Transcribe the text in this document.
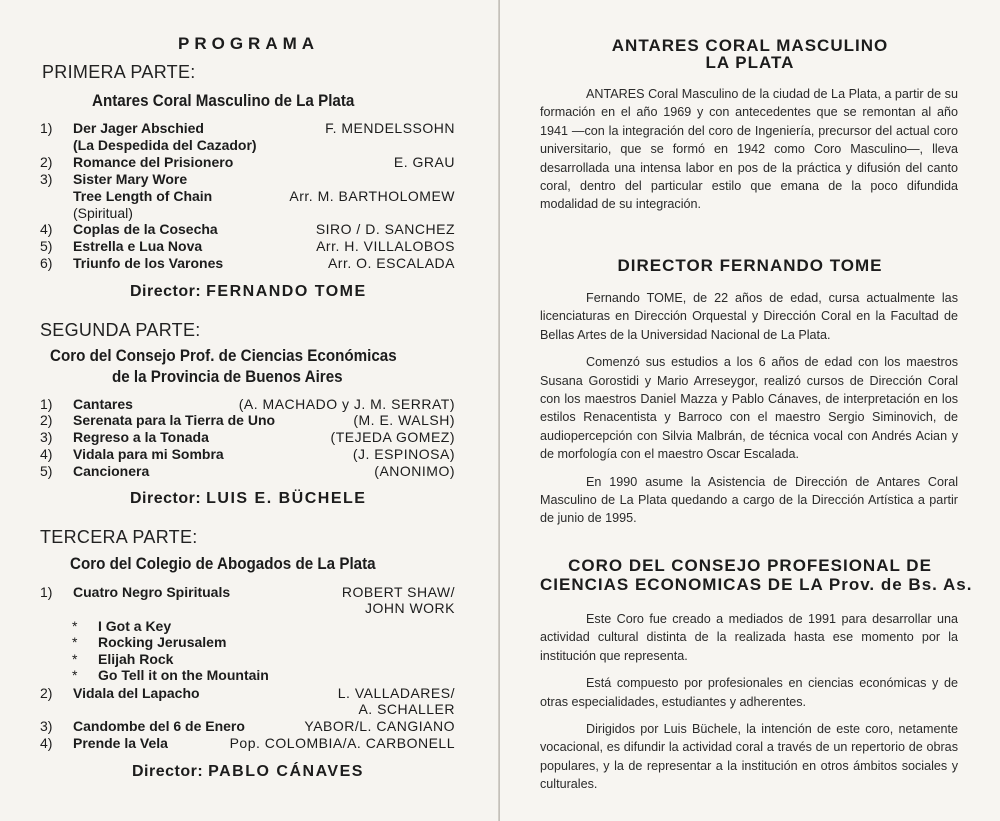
PROGRAMA
PRIMERA PARTE:
Antares Coral Masculino de La Plata
1) Der Jager Abschied	F. MENDELSSOHN
(La Despedida del Cazador)
2) Romance del Prisionero	E. GRAU
3) Sister Mary Wore
Tree Length of Chain	Arr. M. BARTHOLOMEW
(Spiritual)
4) Coplas de la Cosecha	SIRO / D. SANCHEZ
5) Estrella e Lua Nova	Arr. H. VILLALOBOS
6) Triunfo de los Varones	Arr. O. ESCALADA
Director: FERNANDO TOME
SEGUNDA PARTE:
Coro del Consejo Prof. de Ciencias Económicas
de la Provincia de Buenos Aires
1) Cantares	(A. MACHADO y J. M. SERRAT)
2) Serenata para la Tierra de Uno	(M. E. WALSH)
3) Regreso a la Tonada	(TEJEDA GOMEZ)
4) Vidala para mi Sombra	(J. ESPINOSA)
5) Cancionera	(ANONIMO)
Director: LUIS E. BÜCHELE
TERCERA PARTE:
Coro del Colegio de Abogados de La Plata
1) Cuatro Negro Spirituals	ROBERT SHAW/
JOHN WORK
* I Got a Key
* Rocking Jerusalem
* Elijah Rock
* Go Tell it on the Mountain
2) Vidala del Lapacho	L. VALLADARES/
A. SCHALLER
3) Candombe del 6 de Enero	YABOR/L. CANGIANO
4) Prende la Vela	Pop. COLOMBIA/A. CARBONELL
Director: PABLO CÁNAVES
ANTARES CORAL MASCULINO
LA PLATA

ANTARES Coral Masculino de la ciudad de La Plata, a partir de su formación en el año 1969 y con antecedentes que se remontan al año 1941 —con la integración del coro de Ingeniería, precursor del actual coro universitario, que se formó en 1942 como Coro Masculino—, lleva desarrollada una intensa labor en pos de la práctica y difusión del canto coral, dentro del particular estilo que emana de la poco difundida modalidad de su integración.

DIRECTOR FERNANDO TOME

Fernando TOME, de 22 años de edad, cursa actualmente las licenciaturas en Dirección Orquestal y Dirección Coral en la Facultad de Bellas Artes de la Universidad Nacional de La Plata.

Comenzó sus estudios a los 6 años de edad con los maestros Susana Gorostidi y Mario Arreseygor, realizó cursos de Dirección Coral con los maestros Daniel Mazza y Pablo Cánaves, de interpretación en los estilos Renacentista y Barroco con el maestro Sergio Siminovich, de audiopercepción con Silvia Malbrán, de técnica vocal con Andrés Acian y de morfología con el maestro Oscar Escalada.

En 1990 asume la Asistencia de Dirección de Antares Coral Masculino de La Plata quedando a cargo de la Dirección Artística a partir de junio de 1995.

CORO DEL CONSEJO PROFESIONAL DE
CIENCIAS ECONOMICAS DE LA Prov. de Bs. As.

Este Coro fue creado a mediados de 1991 para desarrollar una actividad cultural distinta de la realizada hasta ese momento por la institución que representa.

Está compuesto por profesionales en ciencias económicas y de otras especialidades, estudiantes y adherentes.

Dirigidos por Luis Büchele, la intención de este coro, netamente vocacional, es difundir la actividad coral a través de un repertorio de obras populares, y la de representar a la institución en otros ámbitos sociales y culturales.
